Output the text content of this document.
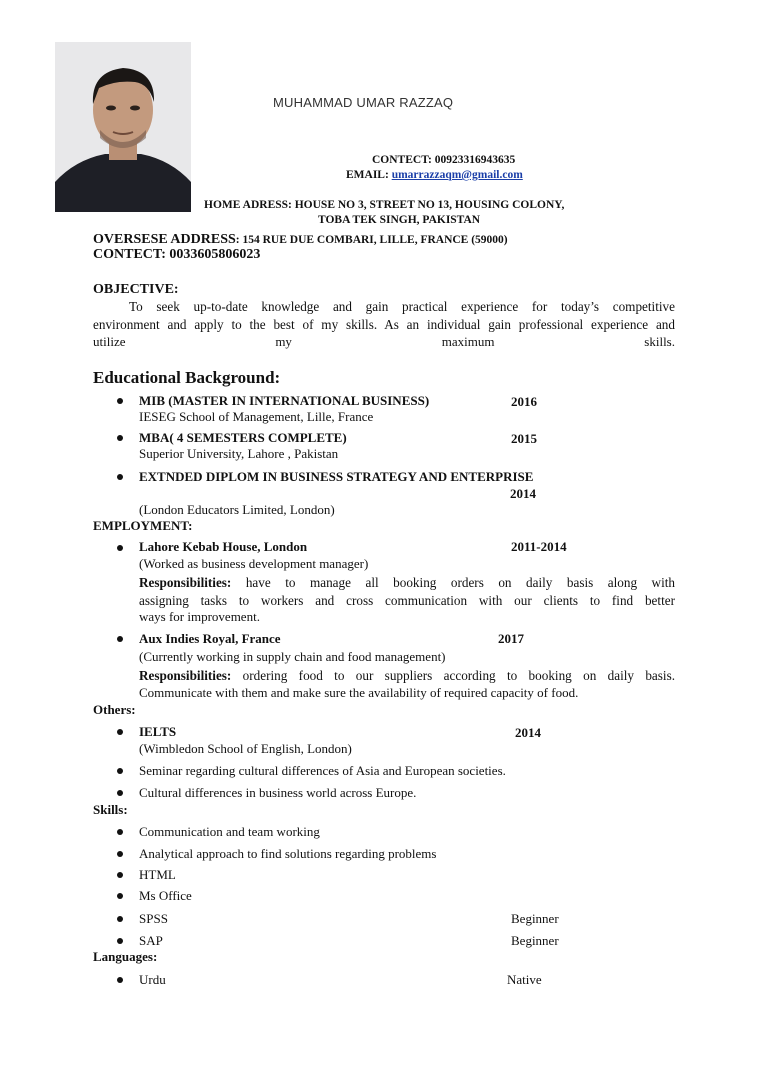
MUHAMMAD UMAR RAZZAQ
CONTECT: 00923316943635
EMAIL: umarrazzaqm@gmail.com
HOME ADRESS: HOUSE NO 3, STREET NO 13, HOUSING COLONY,
TOBA TEK SINGH, PAKISTAN
OVERSESE ADDRESS: 154 RUE DUE COMBARI, LILLE, FRANCE (59000)
CONTECT: 0033605806023
OBJECTIVE:
To seek up-to-date knowledge and gain practical experience for today’s competitive
environment and apply to the best of my skills. As an individual gain professional experience and
utilize	my	maximum	skills.
Educational Background:
MIB (MASTER IN INTERNATIONAL BUSINESS)	2016
IESEG School of Management, Lille, France
MBA( 4 SEMESTERS COMPLETE)	2015
Superior University, Lahore , Pakistan
EXTNDED DIPLOM IN BUSINESS STRATEGY AND ENTERPRISE
2014
(London Educators Limited, London)
EMPLOYMENT:
Lahore Kebab House, London	2011-2014
(Worked as business development manager)
Responsibilities: have to manage all booking orders on daily basis along with
assigning tasks to workers and cross communication with our clients to find better
ways for improvement.
Aux Indies Royal, France	2017
(Currently working in supply chain and food management)
Responsibilities: ordering food to our suppliers according to booking on daily basis.
Communicate with them and make sure the availability of required capacity of food.
Others:
IELTS	2014
(Wimbledon School of English, London)
Seminar regarding cultural differences of Asia and European societies.
Cultural differences in business world across Europe.
Skills:
Communication and team working
Analytical approach to find solutions regarding problems
HTML
Ms Office
SPSS	Beginner
SAP	Beginner
Languages:
Urdu	Native
